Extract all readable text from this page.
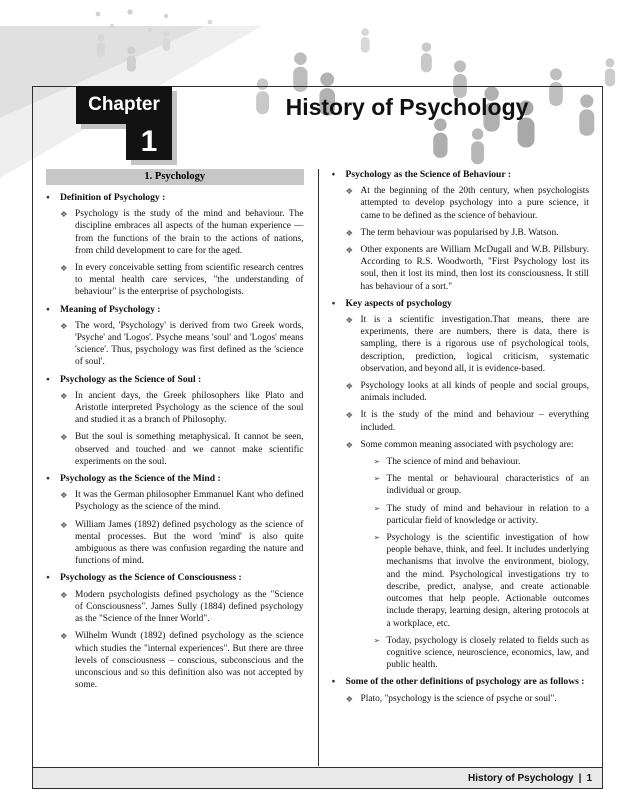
Chapter
1
History of Psychology
1. Psychology
●	Definition of Psychology :
❖ Psychology is the study of the mind and behaviour. The discipline embraces all aspects of the human experience — from the functions of the brain to the actions of nations, from child development to care for the aged.
❖ In every conceivable setting from scientific research centres to mental health care services, "the understanding of behaviour" is the enterprise of psychologists.
●	Meaning of Psychology :
❖ The word, 'Psychology' is derived from two Greek words, 'Psyche' and 'Logos'. Psyche means 'soul' and 'Logos' means 'science'. Thus, psychology was first defined as the 'science of soul'.
●	Psychology as the Science of Soul :
❖ In ancient days, the Greek philosophers like Plato and Aristotle interpreted Psychology as the science of the soul and studied it as a branch of Philosophy.
❖ But the soul is something metaphysical. It cannot be seen, observed and touched and we cannot make scientific experiments on the soul.
●	Psychology as the Science of the Mind :
❖ It was the German philosopher Emmanuel Kant who defined Psychology as the science of the mind.
❖ William James (1892) defined psychology as the science of mental processes. But the word 'mind' is also quite ambiguous as there was confusion regarding the nature and functions of mind.
●	Psychology as the Science of Consciousness :
❖ Modern psychologists defined psychology as the "Science of Consciousness". James Sully (1884) defined psychology as the "Science of the Inner World".
❖ Wilhelm Wundt (1892) defined psychology as the science which studies the "internal experiences". But there are three levels of consciousness – conscious, subconscious and the unconscious and so this definition also was not accepted by some.
●	Psychology as the Science of Behaviour :
❖ At the beginning of the 20th century, when psychologists attempted to develop psychology into a pure science, it came to be defined as the science of behaviour.
❖ The term behaviour was popularised by J.B. Watson.
❖ Other exponents are William McDugall and W.B. Pillsbury. According to R.S. Woodworth, "First Psychology lost its soul, then it lost its mind, then lost its consciousness. It still has behaviour of a sort."
●	Key aspects of psychology
❖ It is a scientific investigation.That means, there are experiments, there are numbers, there is data, there is sampling, there is a rigorous use of psychological tools, description, prediction, logical criticism, systematic observation, and beyond all, it is evidence-based.
❖ Psychology looks at all kinds of people and social groups, animals included.
❖ It is the study of the mind and behaviour – everything included.
❖ Some common meaning associated with psychology are:
➢ The science of mind and behaviour.
➢ The mental or behavioural characteristics of an individual or group.
➢ The study of mind and behaviour in relation to a particular field of knowledge or activity.
➢ Psychology is the scientific investigation of how people behave, think, and feel. It includes underlying mechanisms that involve the environment, biology, and the mind. Psychological investigations try to describe, predict, analyse, and create actionable outcomes that help people. Actionable outcomes include therapy, learning design, altering protocols at a workplace, etc.
➢ Today, psychology is closely related to fields such as cognitive science, neuroscience, economics, law, and public health.
●	Some of the other definitions of psychology are as follows :
❖ Plato, "psychology is the science of psyche or soul".
History of Psychology | 1
